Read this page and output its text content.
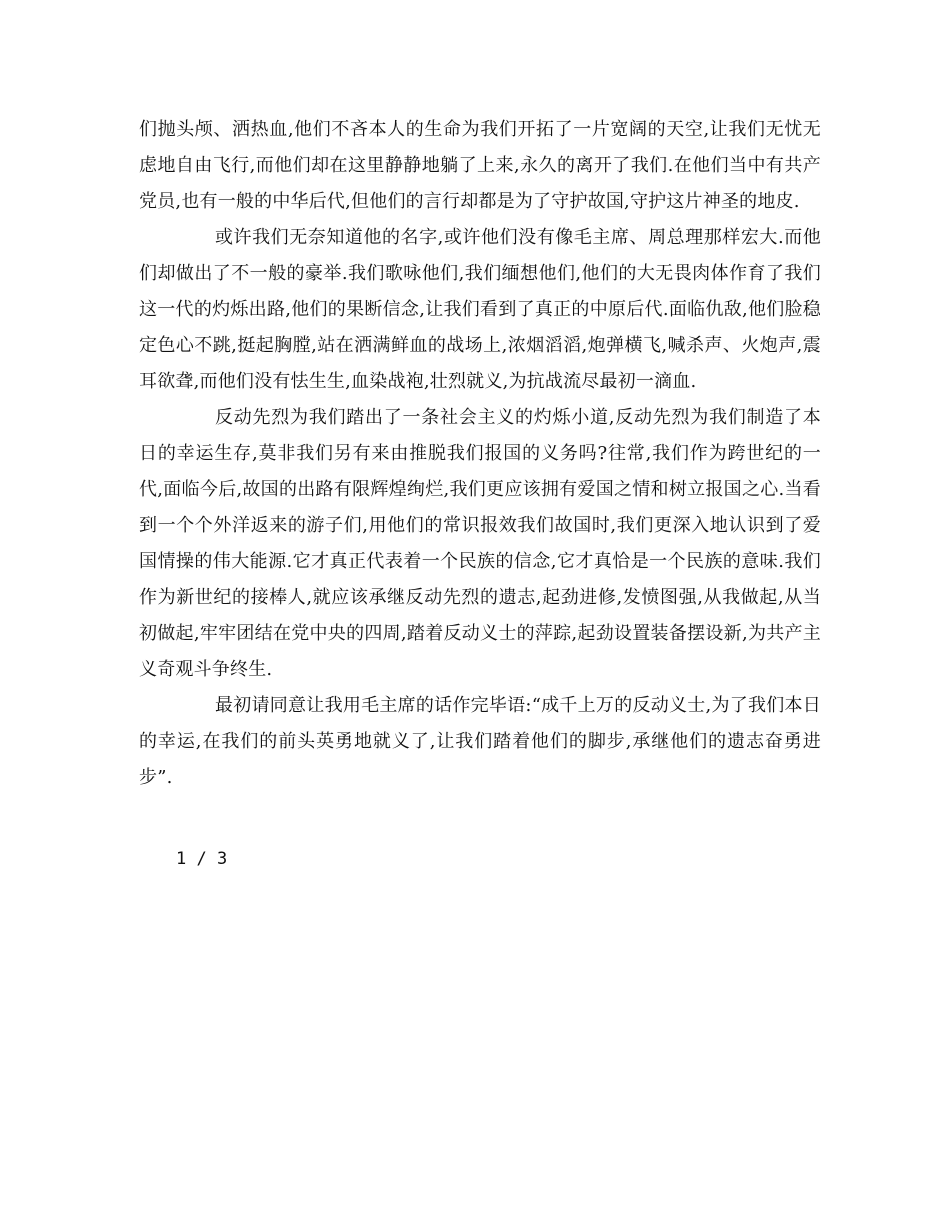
们抛头颅、洒热血,他们不吝本人的生命为我们开拓了一片宽阔的天空,让我们无忧无虑地自由飞行,而他们却在这里静静地躺了上来,永久的离开了我们.在他们当中有共产党员,也有一般的中华后代,但他们的言行却都是为了守护故国,守护这片神圣的地皮.

或许我们无奈知道他的名字,或许他们没有像毛主席、周总理那样宏大.而他们却做出了不一般的豪举.我们歌咏他们,我们缅想他们,他们的大无畏肉体作育了我们这一代的灼烁出路,他们的果断信念,让我们看到了真正的中原后代.面临仇敌,他们脸稳定色心不跳,挺起胸膛,站在洒满鲜血的战场上,浓烟滔滔,炮弹横飞,喊杀声、火炮声,震耳欲聋,而他们没有怯生生,血染战袍,壮烈就义,为抗战流尽最初一滴血.

反动先烈为我们踏出了一条社会主义的灼烁小道,反动先烈为我们制造了本日的幸运生存,莫非我们另有来由推脱我们报国的义务吗?往常,我们作为跨世纪的一代,面临今后,故国的出路有限辉煌绚烂,我们更应该拥有爱国之情和树立报国之心.当看到一个个外洋返来的游子们,用他们的常识报效我们故国时,我们更深入地认识到了爱国情操的伟大能源.它才真正代表着一个民族的信念,它才真恰是一个民族的意味.我们作为新世纪的接棒人,就应该承继反动先烈的遗志,起劲进修,发愤图强,从我做起,从当初做起,牢牢团结在党中央的四周,踏着反动义士的萍踪,起劲设置装备摆设新,为共产主义奇观斗争终生.

最初请同意让我用毛主席的话作完毕语:“成千上万的反动义士,为了我们本日的幸运,在我们的前头英勇地就义了,让我们踏着他们的脚步,承继他们的遗志奋勇进步”.

1 / 3
